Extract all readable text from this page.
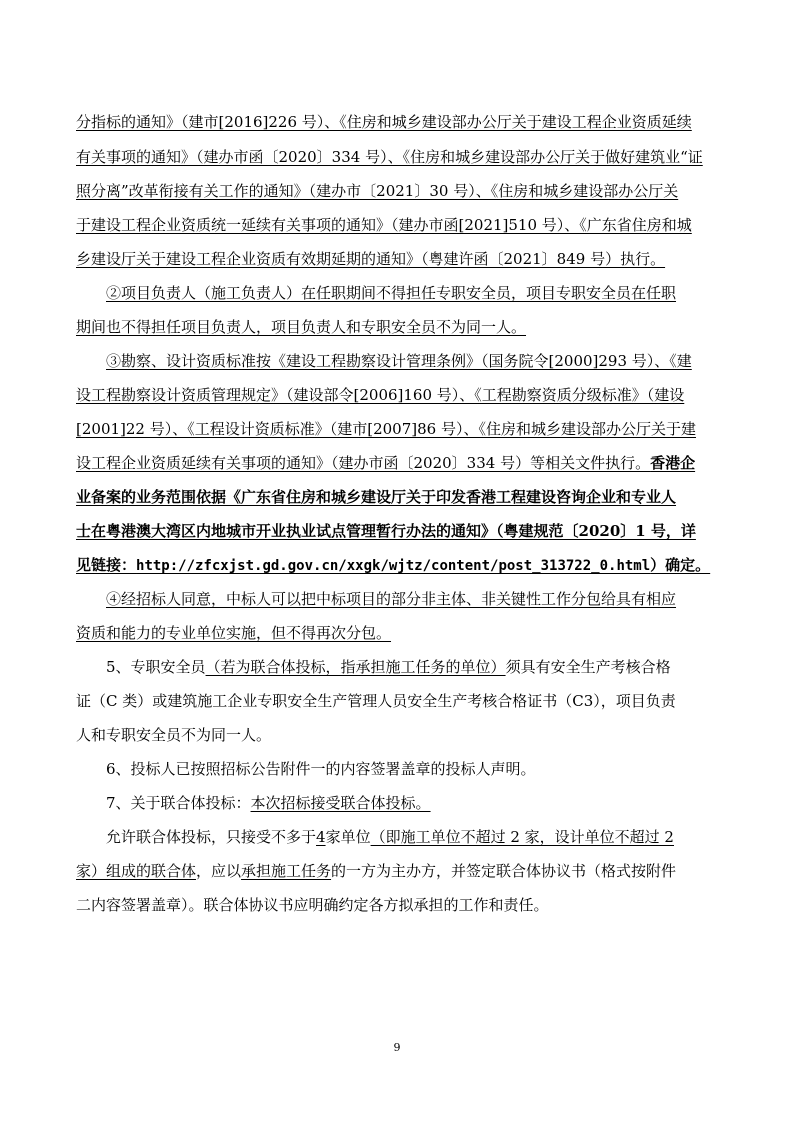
分指标的通知》（建市[2016]226 号）、《住房和城乡建设部办公厅关于建设工程企业资质延续
有关事项的通知》（建办市函〔2020〕334 号）、《住房和城乡建设部办公厅关于做好建筑业“证
照分离”改革衔接有关工作的通知》（建办市〔2021〕30 号）、《住房和城乡建设部办公厅关
于建设工程企业资质统一延续有关事项的通知》（建办市函[2021]510 号）、《广东省住房和城
乡建设厅关于建设工程企业资质有效期延期的通知》（粤建许函〔2021〕849 号）执行。
②项目负责人（施工负责人）在任职期间不得担任专职安全员，项目专职安全员在任职
期间也不得担任项目负责人，项目负责人和专职安全员不为同一人。
③勘察、设计资质标准按《建设工程勘察设计管理条例》（国务院令[2000]293 号）、《建
设工程勘察设计资质管理规定》（建设部令[2006]160 号）、《工程勘察资质分级标准》（建设
[2001]22 号）、《工程设计资质标准》（建市[2007]86 号）、《住房和城乡建设部办公厅关于建
设工程企业资质延续有关事项的通知》（建办市函〔2020〕334 号）等相关文件执行。香港企
业备案的业务范围依据《广东省住房和城乡建设厅关于印发香港工程建设咨询企业和专业人
士在粤港澳大湾区内地城市开业执业试点管理暂行办法的通知》（粤建规范〔2020〕1 号，详
见链接：http://zfcxjst.gd.gov.cn/xxgk/wjtz/content/post_313722_0.html）确定。
④经招标人同意，中标人可以把中标项目的部分非主体、非关键性工作分包给具有相应
资质和能力的专业单位实施，但不得再次分包。
5、专职安全员（若为联合体投标，指承担施工任务的单位）须具有安全生产考核合格
证（C 类）或建筑施工企业专职安全生产管理人员安全生产考核合格证书（C3），项目负责
人和专职安全员不为同一人。
6、投标人已按照招标公告附件一的内容签署盖章的投标人声明。
7、关于联合体投标：本次招标接受联合体投标。
允许联合体投标，只接受不多于4家单位（即施工单位不超过 2 家，设计单位不超过 2
家）组成的联合体，应以承担施工任务的一方为主办方，并签定联合体协议书（格式按附件
二内容签署盖章）。联合体协议书应明确约定各方拟承担的工作和责任。
9
